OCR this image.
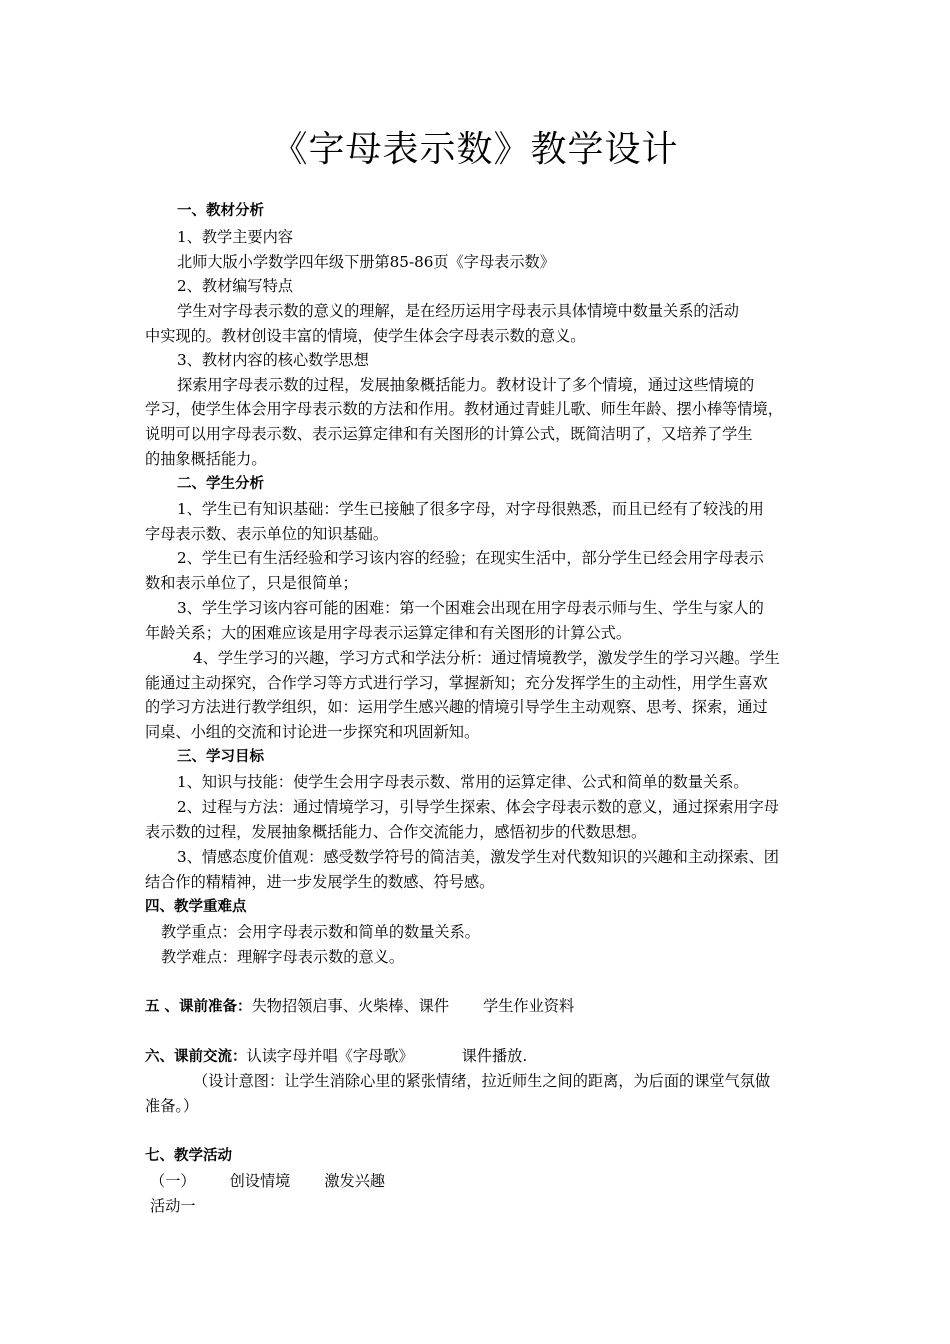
《字母表示数》教学设计
一、教材分析
1、教学主要内容
北师大版小学数学四年级下册第85-86页《字母表示数》
2、教材编写特点
学生对字母表示数的意义的理解，是在经历运用字母表示具体情境中数量关系的活动
中实现的。教材创设丰富的情境，使学生体会字母表示数的意义。
3、教材内容的核心数学思想
探索用字母表示数的过程，发展抽象概括能力。教材设计了多个情境，通过这些情境的
学习，使学生体会用字母表示数的方法和作用。教材通过青蛙儿歌、师生年龄、摆小棒等情境，
说明可以用字母表示数、表示运算定律和有关图形的计算公式，既简洁明了，又培养了学生
的抽象概括能力。
二、学生分析
1、学生已有知识基础：学生已接触了很多字母，对字母很熟悉，而且已经有了较浅的用
字母表示数、表示单位的知识基础。
2、学生已有生活经验和学习该内容的经验；在现实生活中，部分学生已经会用字母表示
数和表示单位了，只是很简单；
3、学生学习该内容可能的困难：第一个困难会出现在用字母表示师与生、学生与家人的
年龄关系；大的困难应该是用字母表示运算定律和有关图形的计算公式。
4、学生学习的兴趣，学习方式和学法分析：通过情境教学，激发学生的学习兴趣。学生
能通过主动探究，合作学习等方式进行学习，掌握新知；充分发挥学生的主动性，用学生喜欢
的学习方法进行教学组织，如：运用学生感兴趣的情境引导学生主动观察、思考、探索，通过
同桌、小组的交流和讨论进一步探究和巩固新知。
三、学习目标
1、知识与技能：使学生会用字母表示数、常用的运算定律、公式和简单的数量关系。
2、过程与方法：通过情境学习，引导学生探索、体会字母表示数的意义，通过探索用字母
表示数的过程，发展抽象概括能力、合作交流能力，感悟初步的代数思想。
3、情感态度价值观：感受数学符号的简洁美，激发学生对代数知识的兴趣和主动探索、团
结合作的精精神，进一步发展学生的数感、符号感。
四、教学重难点
教学重点：会用字母表示数和简单的数量关系。
教学难点：理解字母表示数的意义。
五 、课前准备：失物招领启事、火柴棒、课件 学生作业资料
六、课前交流：认读字母并唱《字母歌》	课件播放.
（设计意图：让学生消除心里的紧张情绪，拉近师生之间的距离，为后面的课堂气氛做
准备。）
七、教学活动
（一） 创设情境 激发兴趣
活动一
